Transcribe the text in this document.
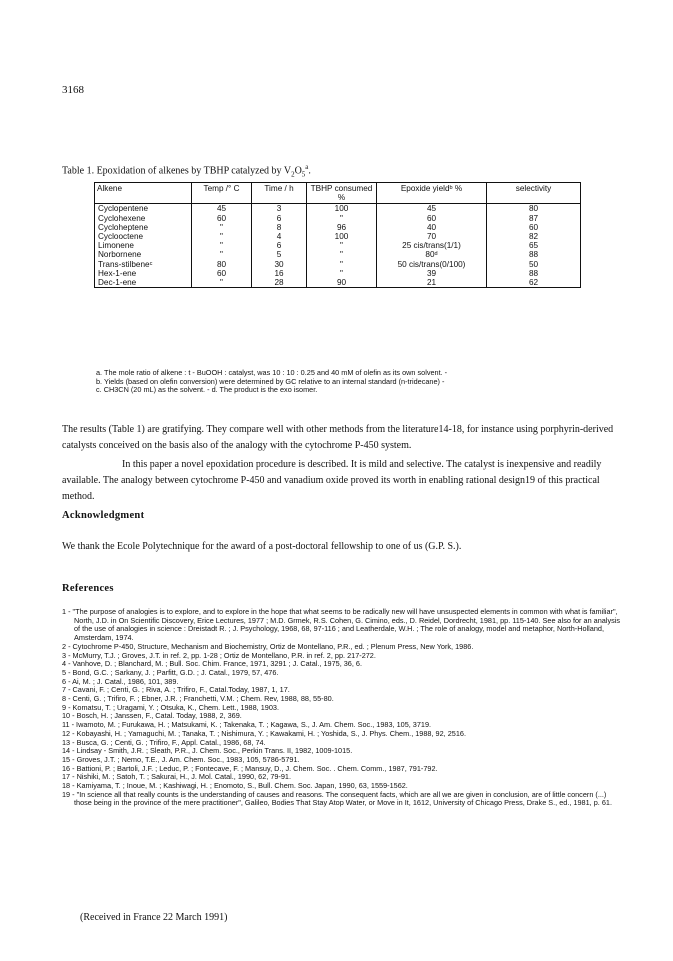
3168
Table 1. Epoxidation of alkenes by TBHP catalyzed by $V_2O_5^a$.
Alkene	Temp /° C	Time / h	TBHP consumed %	Epoxide yieldᵇ %	selectivity
Cyclopentene	45	3	100	45	80
Cyclohexene	60	6	"	60	87
Cycloheptene	"	8	96	40	60
Cyclooctene	"	4	100	70	82
Limonene	"	6	"	25 cis/trans(1/1)	65
Norbornene	"	5	"	80ᵈ	88
Trans-stilbeneᶜ	80	30	"	50 cis/trans(0/100)	50
Hex-1-ene	60	16	"	39	88
Dec-1-ene	"	28	90	21	62
a. The mole ratio of alkene : t - BuOOH : catalyst, was 10 : 10 : 0.25 and 40 mM of olefin as its own solvent. -
b. Yields (based on olefin conversion) were determined by GC relative to an internal standard (n-tridecane) -
c. CH3CN (20 mL) as the solvent. - d. The product is the exo isomer.
The results (Table 1) are gratifying. They compare well with other methods from the literature14-18, for instance using porphyrin-derived catalysts conceived on the basis also of the analogy with the cytochrome P-450 system.
In this paper a novel epoxidation procedure is described. It is mild and selective. The catalyst is inexpensive and readily available. The analogy between cytochrome P-450 and vanadium oxide proved its worth in enabling rational design19 of this practical method.
Acknowledgment
We thank the Ecole Polytechnique for the award of a post-doctoral fellowship to one of us (G.P. S.).
References
1 - "The purpose of analogies is to explore, and to explore in the hope that what seems to be radically new will have unsuspected elements in common with what is familiar", North, J.D. in On Scientific Discovery, Erice Lectures, 1977 ; M.D. Grmek, R.S. Cohen, G. Cimino, eds., D. Reidel, Dordrecht, 1981, pp. 115-140. See also for an analysis of the use of analogies in science : Dreistadt R. ; J. Psychology, 1968, 68, 97-116 ; and Leatherdale, W.H. ; The role of analogy, model and metaphor, North-Holland, Amsterdam, 1974.
2 - Cytochrome P-450, Structure, Mechanism and Biochemistry, Ortiz de Montellano, P.R., ed. ; Plenum Press, New York, 1986.
3 - McMurry, T.J. ; Groves, J.T. in ref. 2, pp. 1-28 ; Ortiz de Montellano, P.R. in ref. 2, pp. 217-272.
4 - Vanhove, D. ; Blanchard, M. ; Bull. Soc. Chim. France, 1971, 3291 ; J. Catal., 1975, 36, 6.
5 - Bond, G.C. ; Sarkany, J. ; Parfitt, G.D. ; J. Catal., 1979, 57, 476.
6 - Ai, M. ; J. Catal., 1986, 101, 389.
7 - Cavani, F. ; Centi, G. ; Riva, A. ; Trifiro, F., Catal.Today, 1987, 1, 17.
8 - Centi, G. ; Trifiro, F. ; Ebner, J.R. ; Franchetti, V.M. ; Chem. Rev, 1988, 88, 55-80.
9 - Komatsu, T. ; Uragami, Y. ; Otsuka, K., Chem. Lett., 1988, 1903.
10 - Bosch, H. ; Janssen, F., Catal. Today, 1988, 2, 369.
11 - Iwamoto, M. ; Furukawa, H. ; Matsukami, K. ; Takenaka, T. ; Kagawa, S., J. Am. Chem. Soc., 1983, 105, 3719.
12 - Kobayashi, H. ; Yamaguchi, M. ; Tanaka, T. ; Nishimura, Y. ; Kawakami, H. ; Yoshida, S., J. Phys. Chem., 1988, 92, 2516.
13 - Busca, G. ; Centi, G. ; Trifiro, F., Appl. Catal., 1986, 68, 74.
14 - Lindsay - Smith, J.R. ; Sleath, P.R., J. Chem. Soc., Perkin Trans. II, 1982, 1009-1015.
15 - Groves, J.T. ; Nemo, T.E., J. Am. Chem. Soc., 1983, 105, 5786-5791.
16 - Battioni, P. ; Bartoli, J.F. ; Leduc, P. ; Fontecave, F. ; Mansuy, D., J. Chem. Soc. . Chem. Comm., 1987, 791-792.
17 - Nishiki, M. ; Satoh, T. ; Sakurai, H., J. Mol. Catal., 1990, 62, 79-91.
18 - Kamiyama, T. ; Inoue, M. ; Kashiwagi, H. ; Enomoto, S., Bull. Chem. Soc. Japan, 1990, 63, 1559-1562.
19 - "In science all that really counts is the understanding of causes and reasons. The consequent facts, which are all we are given in conclusion, are of little concern (...) those being in the province of the mere practitioner", Galileo, Bodies That Stay Atop Water, or Move in It, 1612, University of Chicago Press, Drake S., ed., 1981, p. 61.
(Received in France 22 March 1991)
